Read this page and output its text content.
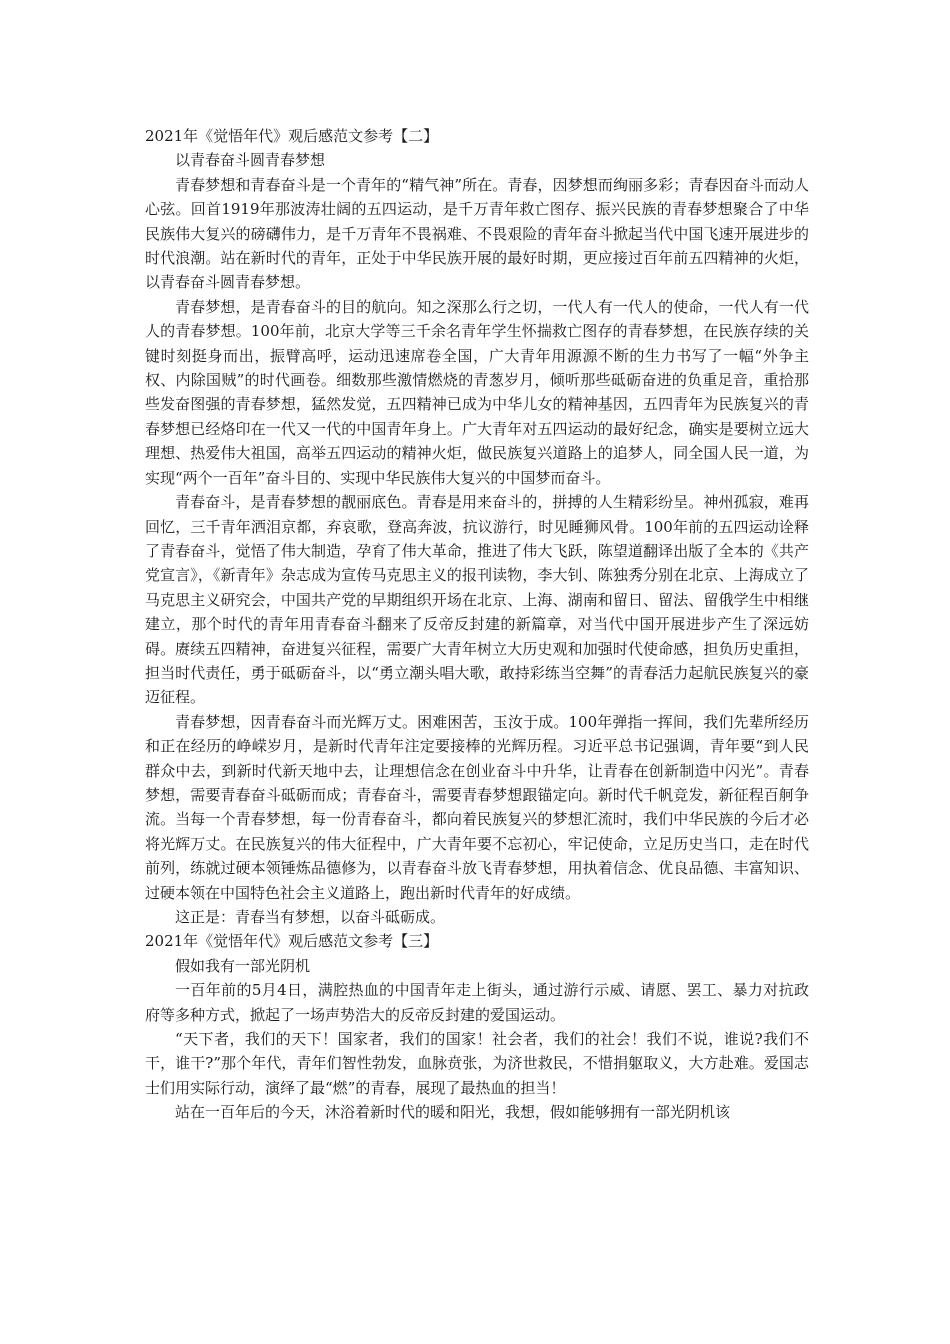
2021年《觉悟年代》观后感范文参考【二】

以青春奋斗圆青春梦想

青春梦想和青春奋斗是一个青年的“精气神”所在。青春，因梦想而绚丽多彩；青春因奋斗而动人心弦。回首1919年那波涛壮阔的五四运动，是千万青年救亡图存、振兴民族的青春梦想聚合了中华民族伟大复兴的磅礴伟力，是千万青年不畏祸难、不畏艰险的青年奋斗掀起当代中国飞速开展进步的时代浪潮。站在新时代的青年，正处于中华民族开展的最好时期，更应接过百年前五四精神的火炬，以青春奋斗圆青春梦想。

青春梦想，是青春奋斗的目的航向。知之深那么行之切，一代人有一代人的使命，一代人有一代人的青春梦想。100年前，北京大学等三千余名青年学生怀揣救亡图存的青春梦想，在民族存续的关键时刻挺身而出，振臂高呼，运动迅速席卷全国，广大青年用源源不断的生力书写了一幅“外争主权、内除国贼”的时代画卷。细数那些激情燃烧的青葱岁月，倾听那些砥砺奋进的负重足音，重拾那些发奋图强的青春梦想，猛然发觉，五四精神已成为中华儿女的精神基因，五四青年为民族复兴的青春梦想已经烙印在一代又一代的中国青年身上。广大青年对五四运动的最好纪念，确实是要树立远大理想、热爱伟大祖国，高举五四运动的精神火炬，做民族复兴道路上的追梦人，同全国人民一道，为实现“两个一百年”奋斗目的、实现中华民族伟大复兴的中国梦而奋斗。

青春奋斗，是青春梦想的靓丽底色。青春是用来奋斗的，拼搏的人生精彩纷呈。神州孤寂，难再回忆，三千青年洒泪京都，弃哀歌，登高奔波，抗议游行，时见睡狮风骨。100年前的五四运动诠释了青春奋斗，觉悟了伟大制造，孕育了伟大革命，推进了伟大飞跃，陈望道翻译出版了全本的《共产党宣言》，《新青年》杂志成为宣传马克思主义的报刊读物，李大钊、陈独秀分别在北京、上海成立了马克思主义研究会，中国共产党的早期组织开场在北京、上海、湖南和留日、留法、留俄学生中相继建立，那个时代的青年用青春奋斗翻来了反帝反封建的新篇章，对当代中国开展进步产生了深远妨碍。赓续五四精神，奋进复兴征程，需要广大青年树立大历史观和加强时代使命感，担负历史重担，担当时代责任，勇于砥砺奋斗，以“勇立潮头唱大歌，敢持彩练当空舞”的青春活力起航民族复兴的豪迈征程。

青春梦想，因青春奋斗而光辉万丈。困难困苦，玉汝于成。100年弹指一挥间，我们先辈所经历和正在经历的峥嵘岁月，是新时代青年注定要接棒的光辉历程。习近平总书记强调，青年要“到人民群众中去，到新时代新天地中去，让理想信念在创业奋斗中升华，让青春在创新制造中闪光”。青春梦想，需要青春奋斗砥砺而成；青春奋斗，需要青春梦想跟锚定向。新时代千帆竞发，新征程百舸争流。当每一个青春梦想，每一份青春奋斗，都向着民族复兴的梦想汇流时，我们中华民族的今后才必将光辉万丈。在民族复兴的伟大征程中，广大青年要不忘初心，牢记使命，立足历史当口，走在时代前列，练就过硬本领锤炼品德修为，以青春奋斗放飞青春梦想，用执着信念、优良品德、丰富知识、过硬本领在中国特色社会主义道路上，跑出新时代青年的好成绩。

这正是：青春当有梦想，以奋斗砥砺成。

2021年《觉悟年代》观后感范文参考【三】

假如我有一部光阴机

一百年前的5月4日，满腔热血的中国青年走上街头，通过游行示威、请愿、罢工、暴力对抗政府等多种方式，掀起了一场声势浩大的反帝反封建的爱国运动。

“天下者，我们的天下！国家者，我们的国家！社会者，我们的社会！我们不说，谁说?我们不干，谁干?”那个年代，青年们智性勃发，血脉贲张，为济世救民，不惜捐躯取义，大方赴难。爱国志士们用实际行动，演绎了最“燃”的青春，展现了最热血的担当！

站在一百年后的今天，沐浴着新时代的暖和阳光，我想，假如能够拥有一部光阴机该
